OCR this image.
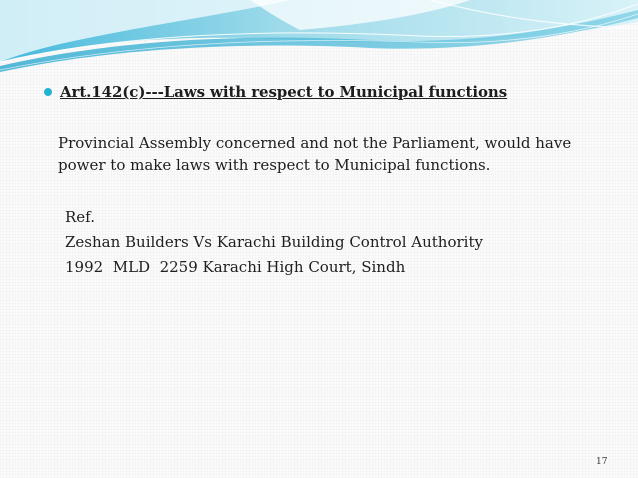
Art.142(c)---Laws with respect to Municipal functions

Provincial Assembly concerned and not the Parliament, would have
power to make laws with respect to Municipal functions.

Ref.
Zeshan Builders Vs Karachi Building Control Authority
1992  MLD  2259 Karachi High Court, Sindh
17
